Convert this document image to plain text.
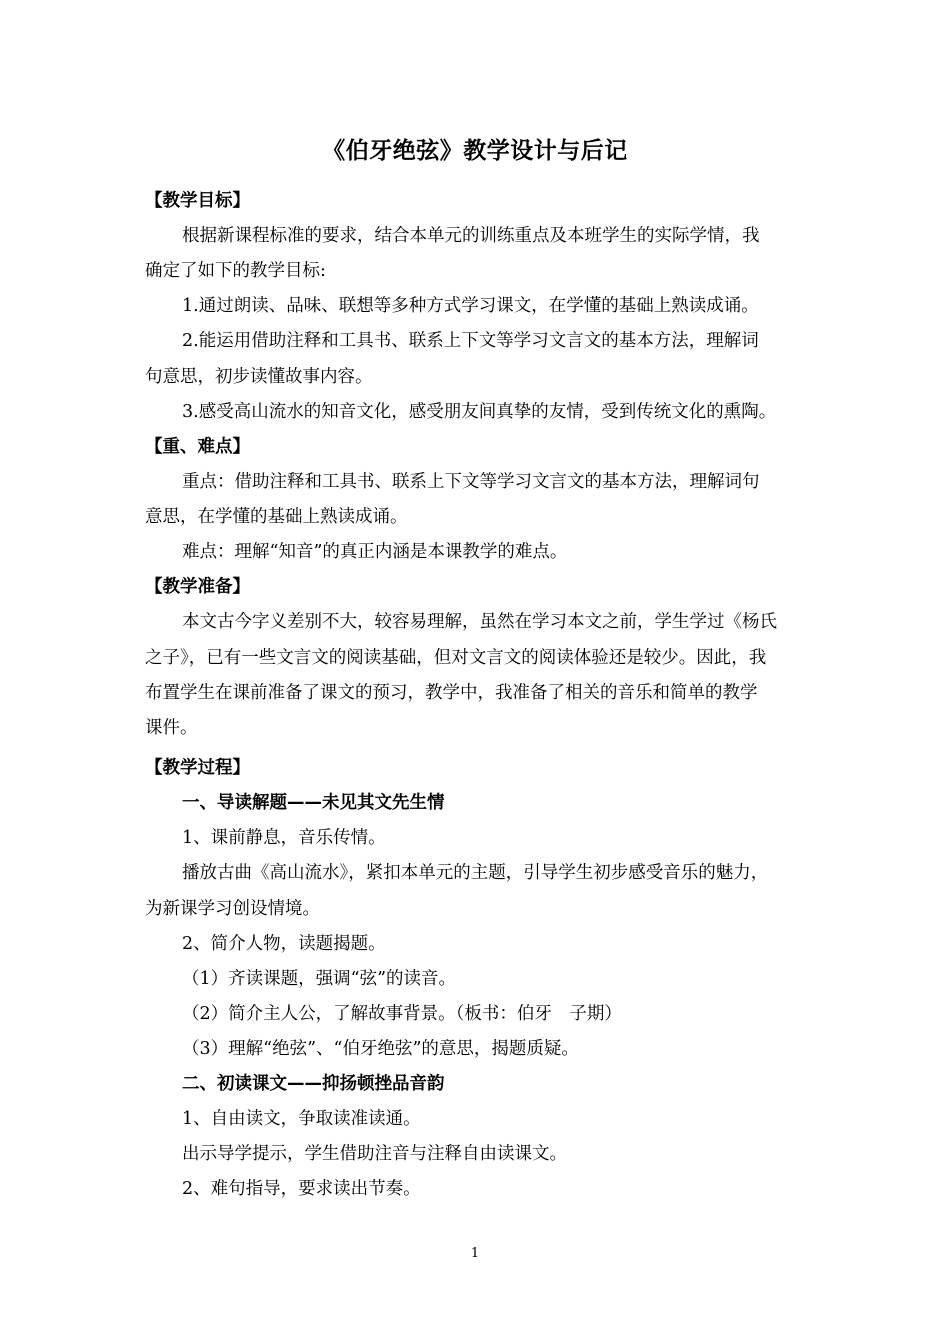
《伯牙绝弦》教学设计与后记
【教学目标】
根据新课程标准的要求，结合本单元的训练重点及本班学生的实际学情，我
确定了如下的教学目标:
1.通过朗读、品味、联想等多种方式学习课文，在学懂的基础上熟读成诵。
2.能运用借助注释和工具书、联系上下文等学习文言文的基本方法，理解词
句意思，初步读懂故事内容。
3.感受高山流水的知音文化，感受朋友间真挚的友情，受到传统文化的熏陶。
【重、难点】
重点：借助注释和工具书、联系上下文等学习文言文的基本方法，理解词句
意思，在学懂的基础上熟读成诵。
难点：理解“知音”的真正内涵是本课教学的难点。
【教学准备】
本文古今字义差别不大，较容易理解，虽然在学习本文之前，学生学过《杨氏
之子》，已有一些文言文的阅读基础，但对文言文的阅读体验还是较少。因此，我
布置学生在课前准备了课文的预习，教学中，我准备了相关的音乐和简单的教学
课件。
【教学过程】
一、导读解题——未见其文先生情
1、课前静息，音乐传情。
播放古曲《高山流水》，紧扣本单元的主题，引导学生初步感受音乐的魅力，
为新课学习创设情境。
2、简介人物，读题揭题。
（1）齐读课题，强调“弦”的读音。
（2）简介主人公，了解故事背景。（板书：伯牙　子期）
（3）理解“绝弦”、“伯牙绝弦”的意思，揭题质疑。
二、初读课文——抑扬顿挫品音韵
1、自由读文，争取读准读通。
出示导学提示，学生借助注音与注释自由读课文。
2、难句指导，要求读出节奏。
1
